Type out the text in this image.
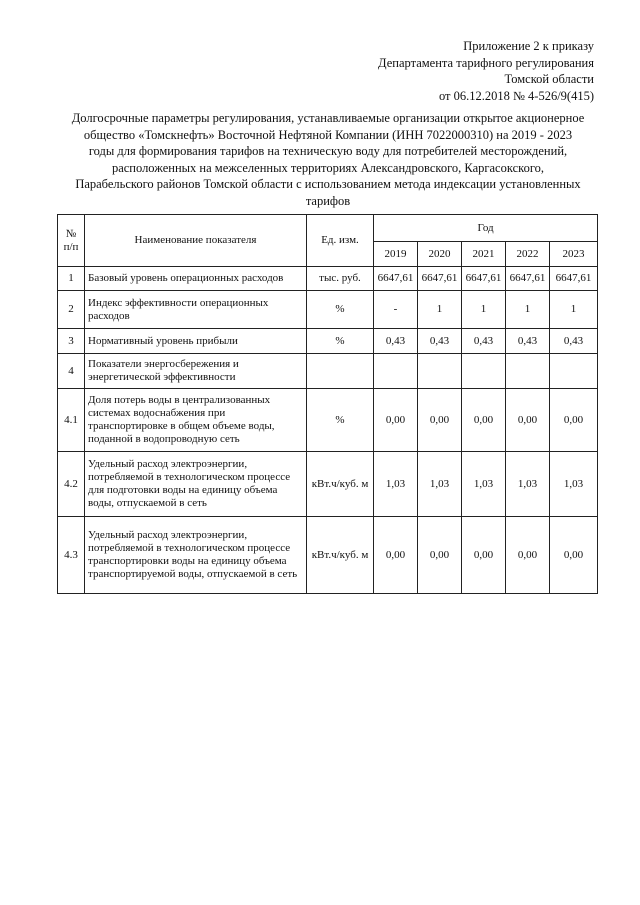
Приложение 2 к приказу
Департамента тарифного регулирования
Томской области
от 06.12.2018 № 4-526/9(415)
Долгосрочные параметры регулирования, устанавливаемые организации открытое акционерное
общество «Томскнефть» Восточной Нефтяной Компании (ИНН 7022000310) на 2019 - 2023
годы для формирования тарифов на техническую воду для потребителей месторождений,
расположенных на межселенных территориях Александровского, Каргасокского,
Парабельского районов Томской области с использованием метода индексации установленных
тарифов
№ п/п	Наименование показателя	Ед. изм.	Год				
			2019	2020	2021	2022	2023
1	Базовый уровень операционных расходов	тыс. руб.	6647,61	6647,61	6647,61	6647,61	6647,61
2	Индекс эффективности операционных расходов	%	-	1	1	1	1
3	Нормативный уровень прибыли	%	0,43	0,43	0,43	0,43	0,43
4	Показатели энергосбережения и энергетической эффективности						
4.1	Доля потерь воды в централизованных системах водоснабжения при транспортировке в общем объеме воды, поданной в водопроводную сеть	%	0,00	0,00	0,00	0,00	0,00
4.2	Удельный расход электроэнергии, потребляемой в технологическом процессе для подготовки воды на единицу объема воды, отпускаемой в сеть	кВт.ч/куб. м	1,03	1,03	1,03	1,03	1,03
4.3	Удельный расход электроэнергии, потребляемой в технологическом процессе транспортировки воды на единицу объема транспортируемой воды, отпускаемой в сеть	кВт.ч/куб. м	0,00	0,00	0,00	0,00	0,00
